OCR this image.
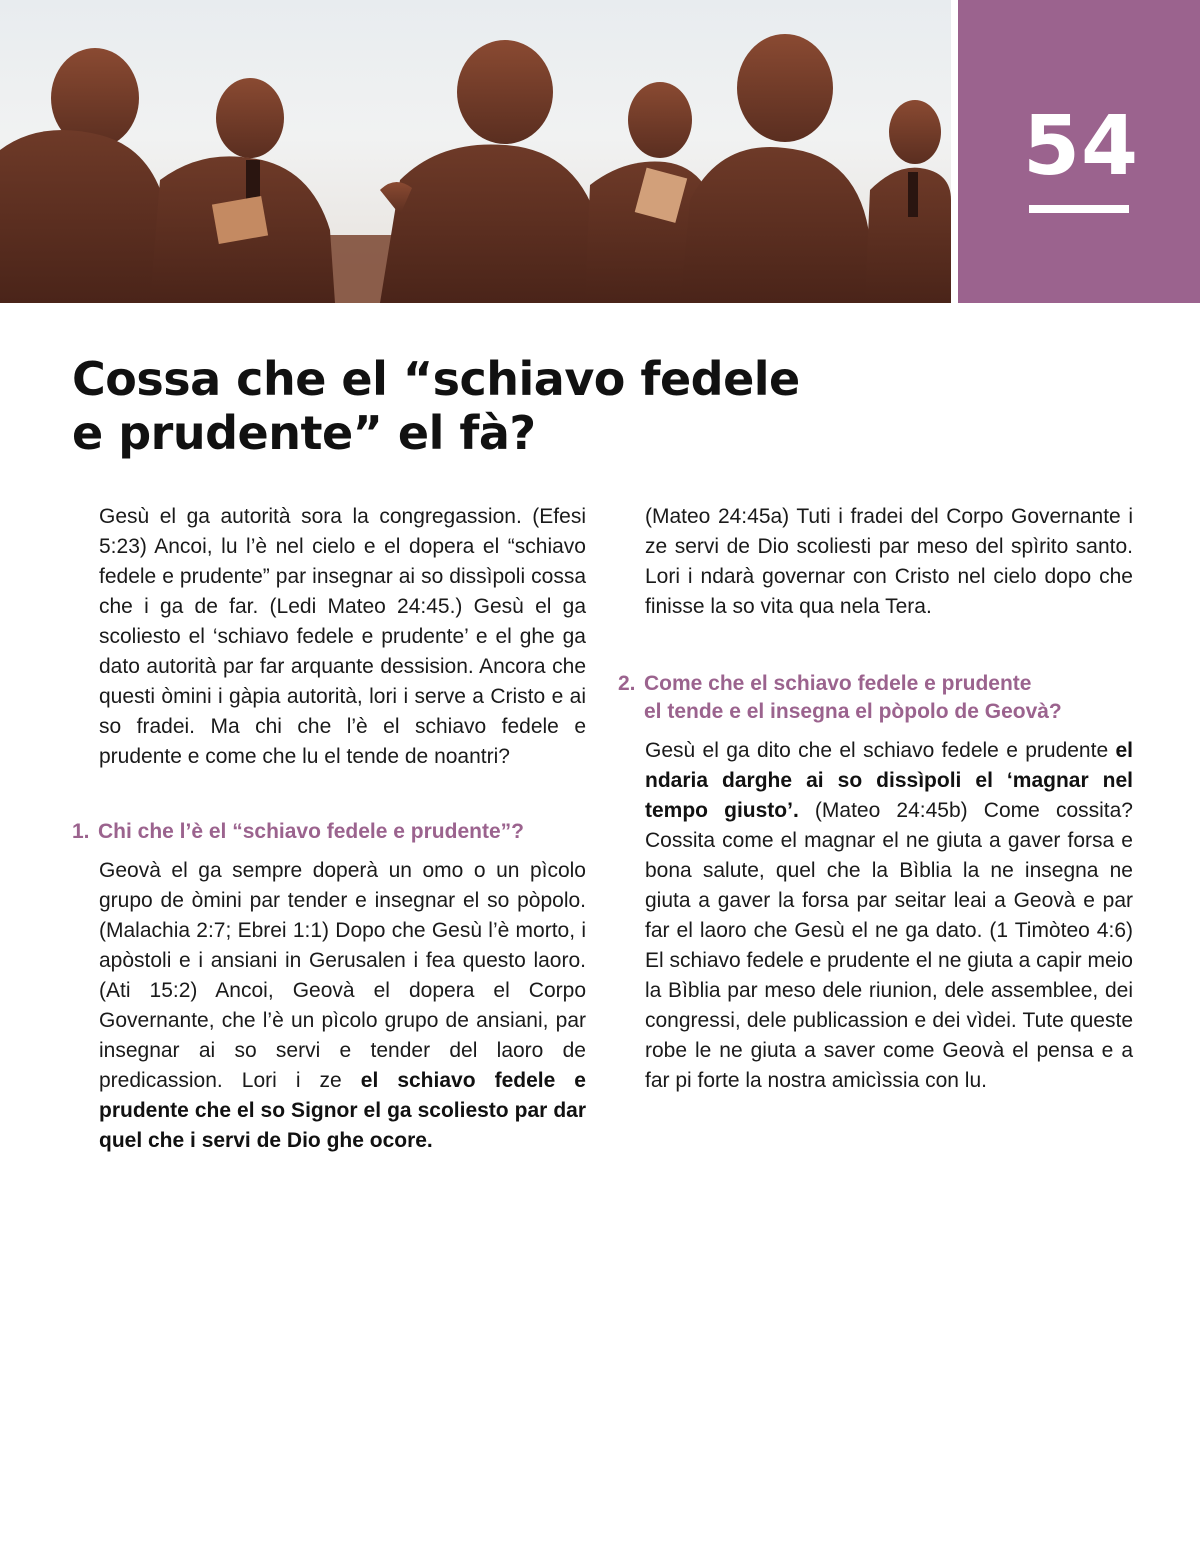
54
Cossa che el “schiavo fedele
e prudente” el fà?

Gesù el ga autorità sora la congregassion. (Efesi 5:23) Ancoi, lu l’è nel cielo e el dopera el “schiavo fedele e prudente” par insegnar ai so dissìpoli cossa che i ga de far. (Ledi Mateo 24:45.) Gesù el ga scoliesto el ‘schiavo fedele e prudente’ e el ghe ga dato autorità par far arquante dessision. Ancora che questi òmini i gàpia autorità, lori i serve a Cristo e ai so fradei. Ma chi che l’è el schiavo fedele e prudente e come che lu el tende de noantri?

1. Chi che l’è el “schiavo fedele e prudente”?

Geovà el ga sempre doperà un omo o un pìcolo grupo de òmini par tender e insegnar el so pòpolo. (Malachia 2:7; Ebrei 1:1) Dopo che Gesù l’è morto, i apòstoli e i ansiani in Gerusalen i fea questo laoro. (Ati 15:2) Ancoi, Geovà el dopera el Corpo Governante, che l’è un pìcolo grupo de ansiani, par insegnar ai so servi e tender del laoro de predicassion. Lori i ze el schiavo fedele e prudente che el so Signor el ga scoliesto par dar quel che i servi de Dio ghe ocore.

(Mateo 24:45a) Tuti i fradei del Corpo Governante i ze servi de Dio scoliesti par meso del spìrito santo. Lori i ndarà governar con Cristo nel cielo dopo che finisse la so vita qua nela Tera.

2. Come che el schiavo fedele e prudente

el tende e el insegna el pòpolo de Geovà?

Gesù el ga dito che el schiavo fedele e prudente el ndaria darghe ai so dissìpoli el ‘magnar nel tempo giusto’. (Mateo 24:45b) Come cossita? Cossita come el magnar el ne giuta a gaver forsa e bona salute, quel che la Bìblia la ne insegna ne giuta a gaver la forsa par seitar leai a Geovà e par far el laoro che Gesù el ne ga dato. (1 Timòteo 4:6) El schiavo fedele e prudente el ne giuta a capir meio la Bìblia par meso dele riunion, dele assemblee, dei congressi, dele publicassion e dei vìdei. Tute queste robe le ne giuta a saver come Geovà el pensa e a far pi forte la nostra amicìssia con lu.
